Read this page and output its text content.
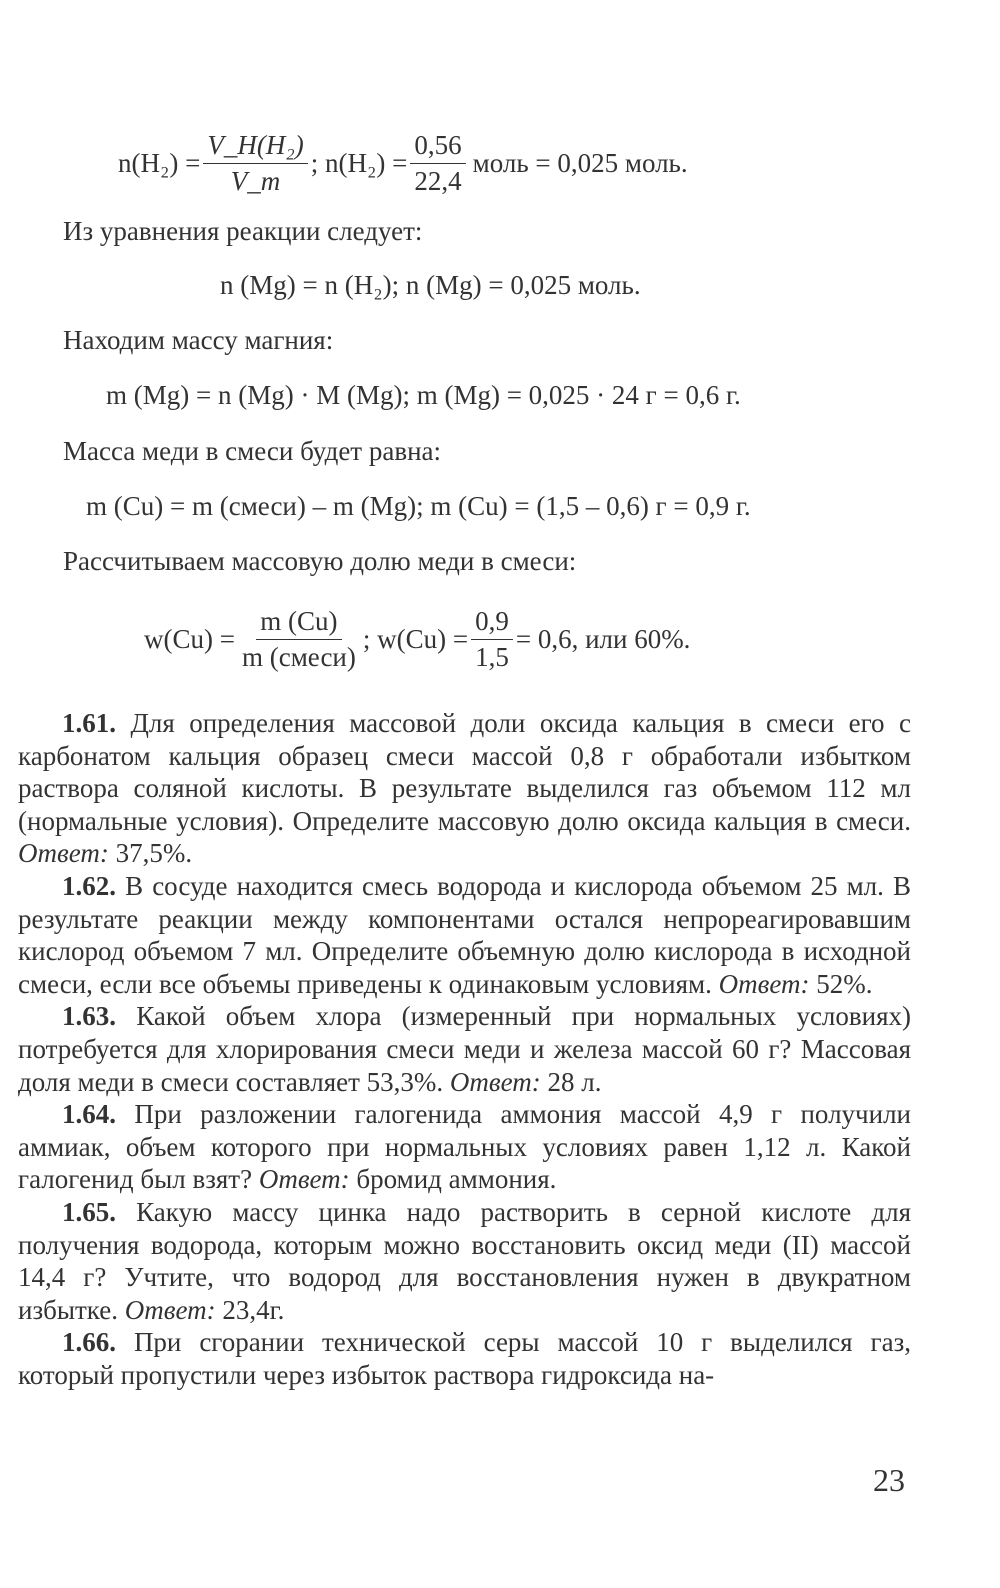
$n(H_2) = \frac{\text{V\_H(H₂)}}{V\_m}$ ; $n(H_2) = \frac{0,56}{22,4}$ моль = 0,025 моль.
Из уравнения реакции следует:
n (Mg) = n (H₂); n (Mg) = 0,025 моль.
Находим массу магния:
m (Mg) = n (Mg) · M (Mg); m (Mg) = 0,025 · 24 г = 0,6 г.
Масса меди в смеси будет равна:
m (Cu) = m (смеси) – m (Mg); m (Cu) = (1,5 – 0,6) г = 0,9 г.
Рассчитываем массовую долю меди в смеси:
$w(Cu) = \frac{m (Cu)}{\text{m (смеси)}}$ ; $w(Cu) = \frac{0,9}{1,5} = 0,6$, или 60%.

1.61. Для определения массовой доли оксида кальция в смеси его с карбонатом кальция образец смеси массой 0,8 г обработали избытком раствора соляной кислоты. В результате выделился газ объемом 112 мл (нормальные условия). Определите массовую долю оксида кальция в смеси. Ответ: 37,5%.

1.62. В сосуде находится смесь водорода и кислорода объемом 25 мл. В результате реакции между компонентами остался непрореагировавшим кислород объемом 7 мл. Определите объемную долю кислорода в исходной смеси, если все объемы приведены к одинаковым условиям. Ответ: 52%.

1.63. Какой объем хлора (измеренный при нормальных условиях) потребуется для хлорирования смеси меди и железа массой 60 г? Массовая доля меди в смеси составляет 53,3%. Ответ: 28 л.

1.64. При разложении галогенида аммония массой 4,9 г получили аммиак, объем которого при нормальных условиях равен 1,12 л. Какой галогенид был взят? Ответ: бромид аммония.

1.65. Какую массу цинка надо растворить в серной кислоте для получения водорода, которым можно восстановить оксид меди (II) массой 14,4 г? Учтите, что водород для восстановления нужен в двукратном избытке. Ответ: 23,4г.

1.66. При сгорании технической серы массой 10 г выделился газ, который пропустили через избыток раствора гидроксида на-

23
